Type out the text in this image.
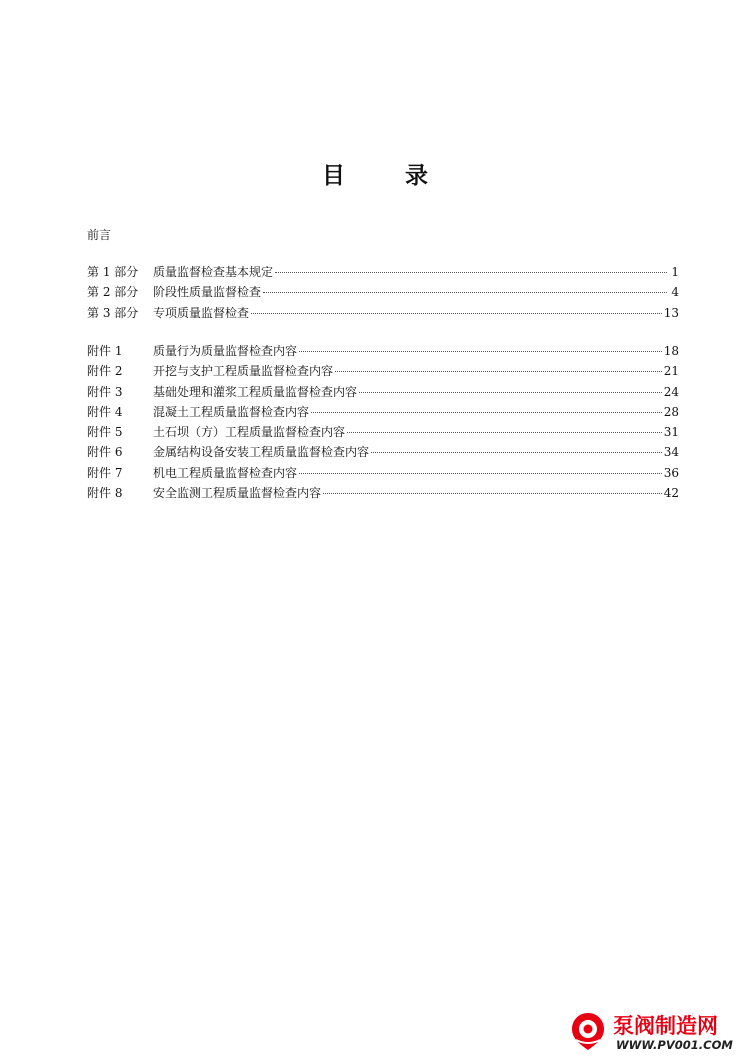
目	录
前言
第 1 部分	质量监督检查基本规定	1
第 2 部分	阶段性质量监督检查	4
第 3 部分	专项质量监督检查	13
附件 1	质量行为质量监督检查内容	18
附件 2	开挖与支护工程质量监督检查内容	21
附件 3	基础处理和灌浆工程质量监督检查内容	24
附件 4	混凝土工程质量监督检查内容	28
附件 5	土石坝（方）工程质量监督检查内容	31
附件 6	金属结构设备安装工程质量监督检查内容	34
附件 7	机电工程质量监督检查内容	36
附件 8	安全监测工程质量监督检查内容	42
泵阀制造网
WWW.PV001.COM
